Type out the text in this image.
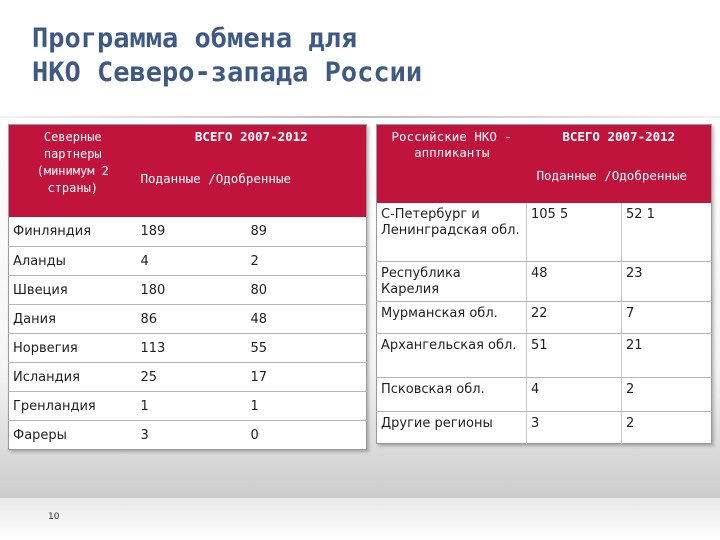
Программа обмена для
НКО Северо-запада России
Северные партнеры (минимум 2 страны)	ВСЕГО 2007-2012	
	Поданные /Одобренные	
Финляндия	189	89
Аланды	4	2
Швеция	180	80
Дания	86	48
Норвегия	113	55
Исландия	25	17
Гренландия	1	1
Фареры	3	0
Российские НКО - аппликанты	ВСЕГО 2007-2012	
	Поданные /Одобренные	
С-Петербург и Ленинградская обл.	105 5	52 1
Республика Карелия	48	23
Мурманская обл.	22	7
Архангельская обл.	51	21
Псковская обл.	4	2
Другие регионы	3	2
10
